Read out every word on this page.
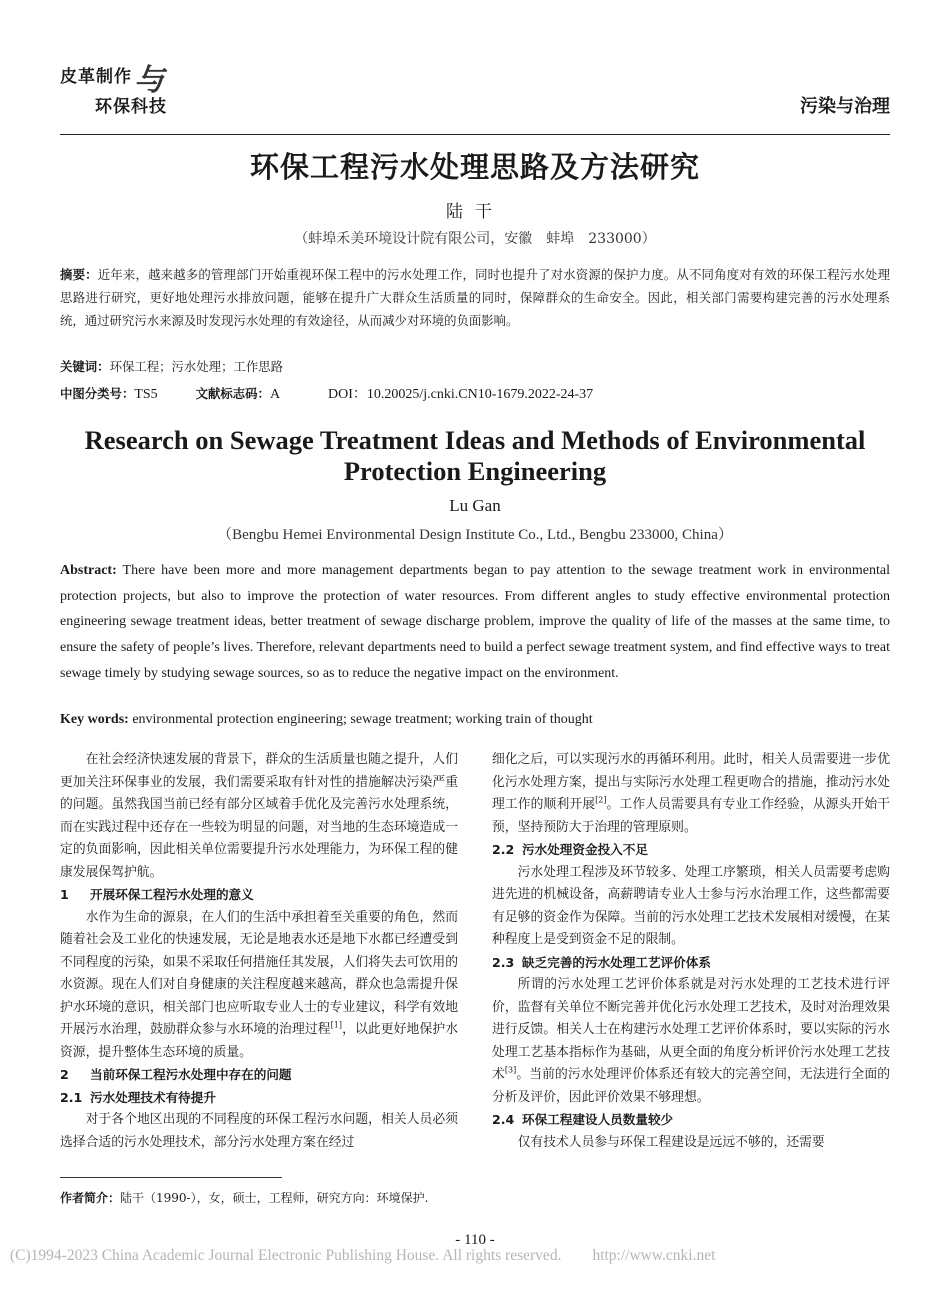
皮革制作 与
环保科技	污染与治理
环保工程污水处理思路及方法研究
陆干
（蚌埠禾美环境设计院有限公司，安徽　蚌埠　233000）
摘要：近年来，越来越多的管理部门开始重视环保工程中的污水处理工作，同时也提升了对水资源的保护力度。从不同角度对有效的环保工程污水处理思路进行研究，更好地处理污水排放问题，能够在提升广大群众生活质量的同时，保障群众的生命安全。因此，相关部门需要构建完善的污水处理系统，通过研究污水来源及时发现污水处理的有效途径，从而减少对环境的负面影响。
关键词：环保工程；污水处理；工作思路
中图分类号：TS5	文献标志码：A	DOI：10.20025/j.cnki.CN10-1679.2022-24-37
Research on Sewage Treatment Ideas and Methods of Environmental Protection Engineering
Lu Gan
（Bengbu Hemei Environmental Design Institute Co., Ltd., Bengbu 233000, China）
Abstract: There have been more and more management departments began to pay attention to the sewage treatment work in environmental protection projects, but also to improve the protection of water resources. From different angles to study effective environmental protection engineering sewage treatment ideas, better treatment of sewage discharge problem, improve the quality of life of the masses at the same time, to ensure the safety of people’s lives. Therefore, relevant departments need to build a perfect sewage treatment system, and find effective ways to treat sewage timely by studying sewage sources, so as to reduce the negative impact on the environment.
Key words: environmental protection engineering; sewage treatment; working train of thought

在社会经济快速发展的背景下，群众的生活质量也随之提升，人们更加关注环保事业的发展，我们需要采取有针对性的措施解决污染严重的问题。虽然我国当前已经有部分区域着手优化及完善污水处理系统，而在实践过程中还存在一些较为明显的问题，对当地的生态环境造成一定的负面影响，因此相关单位需要提升污水处理能力，为环保工程的健康发展保驾护航。

1 开展环保工程污水处理的意义

水作为生命的源泉，在人们的生活中承担着至关重要的角色，然而随着社会及工业化的快速发展，无论是地表水还是地下水都已经遭受到不同程度的污染，如果不采取任何措施任其发展，人们将失去可饮用的水资源。现在人们对自身健康的关注程度越来越高，群众也急需提升保护水环境的意识，相关部门也应听取专业人士的专业建议，科学有效地开展污水治理，鼓励群众参与水环境的治理过程[1]，以此更好地保护水资源，提升整体生态环境的质量。

2 当前环保工程污水处理中存在的问题

2.1 污水处理技术有待提升

对于各个地区出现的不同程度的环保工程污水问题，相关人员必须选择合适的污水处理技术，部分污水处理方案在经过

细化之后，可以实现污水的再循环利用。此时，相关人员需要进一步优化污水处理方案，提出与实际污水处理工程更吻合的措施，推动污水处理工作的顺利开展[2]。工作人员需要具有专业工作经验，从源头开始干预，坚持预防大于治理的管理原则。

2.2 污水处理资金投入不足

污水处理工程涉及环节较多、处理工序繁琐，相关人员需要考虑购进先进的机械设备，高薪聘请专业人士参与污水治理工作，这些都需要有足够的资金作为保障。当前的污水处理工艺技术发展相对缓慢，在某种程度上是受到资金不足的限制。

2.3 缺乏完善的污水处理工艺评价体系

所谓的污水处理工艺评价体系就是对污水处理的工艺技术进行评价，监督有关单位不断完善并优化污水处理工艺技术，及时对治理效果进行反馈。相关人士在构建污水处理工艺评价体系时，要以实际的污水处理工艺基本指标作为基础，从更全面的角度分析评价污水处理工艺技术[3]。当前的污水处理评价体系还有较大的完善空间，无法进行全面的分析及评价，因此评价效果不够理想。

2.4 环保工程建设人员数量较少

仅有技术人员参与环保工程建设是远远不够的，还需要

作者简介：陆干（1990-），女，硕士，工程师，研究方向：环境保护.
(C)1994-2023 China Academic Journal Electronic Publishing House. All rights reserved.　　http://www.cnki.net
- 110 -
